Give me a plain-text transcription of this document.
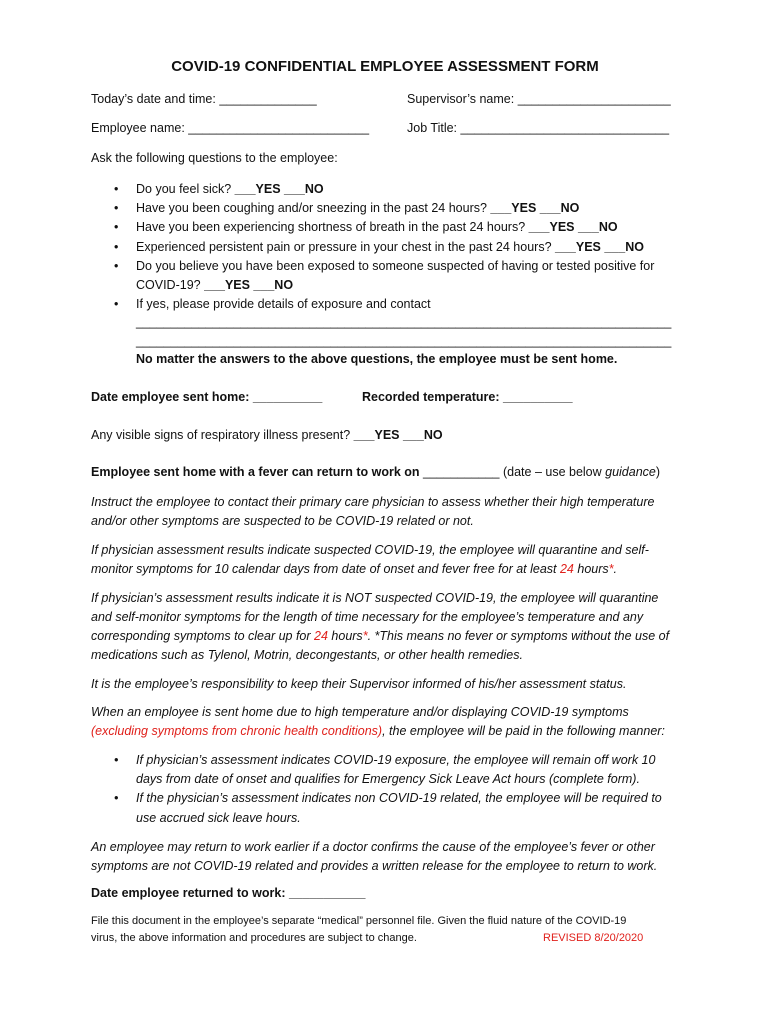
COVID-19 CONFIDENTIAL EMPLOYEE ASSESSMENT FORM
Today’s date and time: ______________	Supervisor’s name: ______________________
Employee name: __________________________	Job Title: ______________________________
Ask the following questions to the employee:
• Do you feel sick? ___YES ___NO
• Have you been coughing and/or sneezing in the past 24 hours? ___YES ___NO
• Have you been experiencing shortness of breath in the past 24 hours? ___YES ___NO
• Experienced persistent pain or pressure in your chest in the past 24 hours? ___YES ___NO
• Do you believe you have been exposed to someone suspected of having or tested positive for
COVID-19? ___YES ___NO
• If yes, please provide details of exposure and contact
_____________________________________________________________________________
_____________________________________________________________________________
No matter the answers to the above questions, the employee must be sent home.
Date employee sent home: __________	Recorded temperature: __________
Any visible signs of respiratory illness present? ___YES ___NO
Employee sent home with a fever can return to work on ___________ (date – use below guidance)
Instruct the employee to contact their primary care physician to assess whether their high temperature and/or other symptoms are suspected to be COVID-19 related or not.
If physician assessment results indicate suspected COVID-19, the employee will quarantine and self-monitor symptoms for 10 calendar days from date of onset and fever free for at least 24 hours*.
If physician’s assessment results indicate it is NOT suspected COVID-19, the employee will quarantine and self-monitor symptoms for the length of time necessary for the employee’s temperature and any corresponding symptoms to clear up for 24 hours*. *This means no fever or symptoms without the use of medications such as Tylenol, Motrin, decongestants, or other health remedies.
It is the employee’s responsibility to keep their Supervisor informed of his/her assessment status.
When an employee is sent home due to high temperature and/or displaying COVID-19 symptoms (excluding symptoms from chronic health conditions), the employee will be paid in the following manner:
• If physician’s assessment indicates COVID-19 exposure, the employee will remain off work 10 days from date of onset and qualifies for Emergency Sick Leave Act hours (complete form).
• If the physician’s assessment indicates non COVID-19 related, the employee will be required to use accrued sick leave hours.
An employee may return to work earlier if a doctor confirms the cause of the employee’s fever or other symptoms are not COVID-19 related and provides a written release for the employee to return to work.
Date employee returned to work: ___________
File this document in the employee’s separate “medical” personnel file. Given the fluid nature of the COVID-19
virus, the above information and procedures are subject to change.	REVISED 8/20/2020
